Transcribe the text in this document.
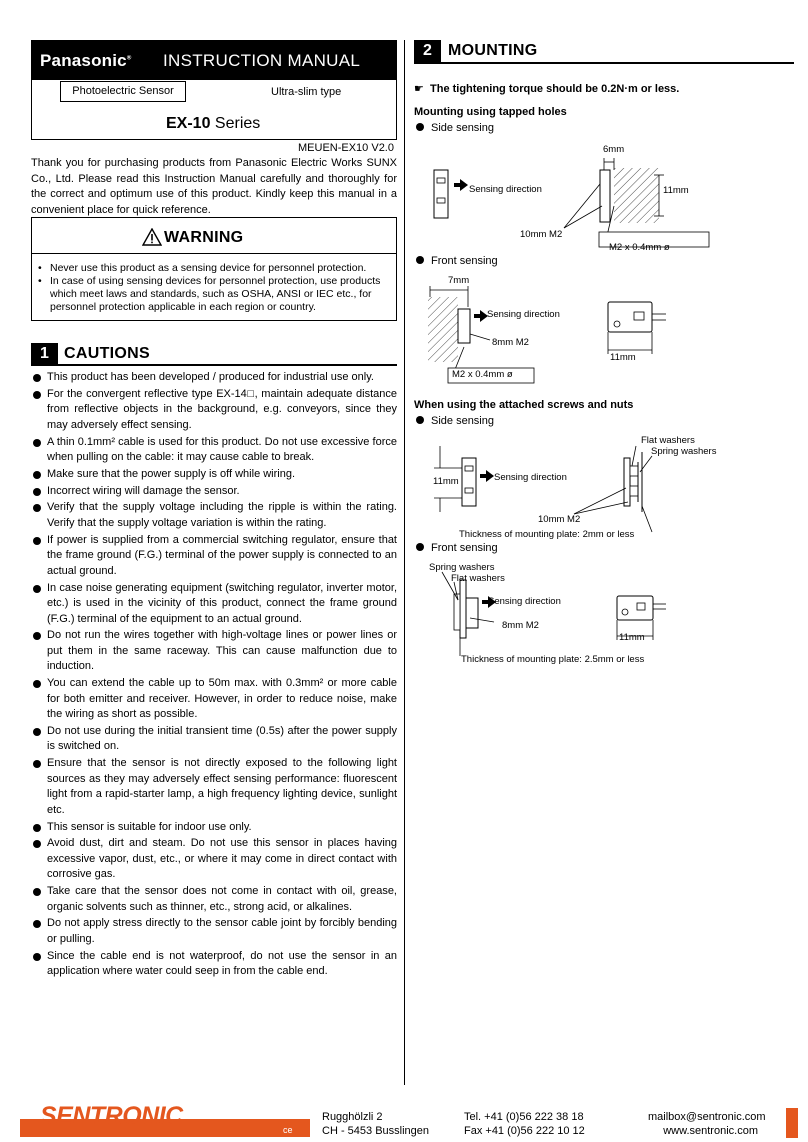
Panasonic® INSTRUCTION MANUAL
Photoelectric Sensor	Ultra-slim type
EX-10 Series
MEUEN-EX10 V2.0
Thank you for purchasing products from Panasonic Electric Works SUNX Co., Ltd. Please read this Instruction Manual carefully and thoroughly for the correct and optimum use of this product. Kindly keep this manual in a convenient place for quick reference.
WARNING
• Never use this product as a sensing device for personnel protection.
• In case of using sensing devices for personnel protection, use products which meet laws and standards, such as OSHA, ANSI or IEC etc., for personnel protection applicable in each region or country.
1 CAUTIONS
This product has been developed / produced for industrial use only.
For the convergent reflective type EX-14□, maintain adequate distance from reflective objects in the background, e.g. conveyors, since they may adversely effect sensing.
A thin 0.1mm² cable is used for this product. Do not use excessive force when pulling on the cable: it may cause cable to break.
Make sure that the power supply is off while wiring.
Incorrect wiring will damage the sensor.
Verify that the supply voltage including the ripple is within the rating. Verify that the supply voltage variation is within the rating.
If power is supplied from a commercial switching regulator, ensure that the frame ground (F.G.) terminal of the power supply is connected to an actual ground.
In case noise generating equipment (switching regulator, inverter motor, etc.) is used in the vicinity of this product, connect the frame ground (F.G.) terminal of the equipment to an actual ground.
Do not run the wires together with high-voltage lines or power lines or put them in the same raceway. This can cause malfunction due to induction.
You can extend the cable up to 50m max. with 0.3mm² or more cable for both emitter and receiver. However, in order to reduce noise, make the wiring as short as possible.
Do not use during the initial transient time (0.5s) after the power supply is switched on.
Ensure that the sensor is not directly exposed to the following light sources as they may adversely effect sensing performance: fluorescent light from a rapid-starter lamp, a high frequency lighting device, sunlight etc.
This sensor is suitable for indoor use only.
Avoid dust, dirt and steam. Do not use this sensor in places having excessive vapor, dust, etc., or where it may come in direct contact with corrosive gas.
Take care that the sensor does not come in contact with oil, grease, organic solvents such as thinner, etc., strong acid, or alkalines.
Do not apply stress directly to the sensor cable joint by forcibly bending or pulling.
Since the cable end is not waterproof, do not use the sensor in an application where water could seep in from the cable end.
2	MOUNTING
☛ The tightening torque should be 0.2N·m or less.
Mounting using tapped holes
Side sensing
Sensing direction
6mm
11mm
10mm M2
M2 x 0.4mm ø
Front sensing
7mm
Sensing direction
8mm M2
M2 x 0.4mm ø
11mm
When using the attached screws and nuts
Side sensing
Flat washers
Spring washers
11mm	Sensing direction
10mm M2
Thickness of mounting plate: 2mm or less
Front sensing
Spring washers
Flat washers
Sensing direction
8mm M2
11mm
Thickness of mounting plate: 2.5mm or less
SENTRONIC	ce
Rugghölzli 2
CH - 5453 Busslingen
Tel. +41 (0)56 222 38 18
Fax +41 (0)56 222 10 12
mailbox@sentronic.com
www.sentronic.com
